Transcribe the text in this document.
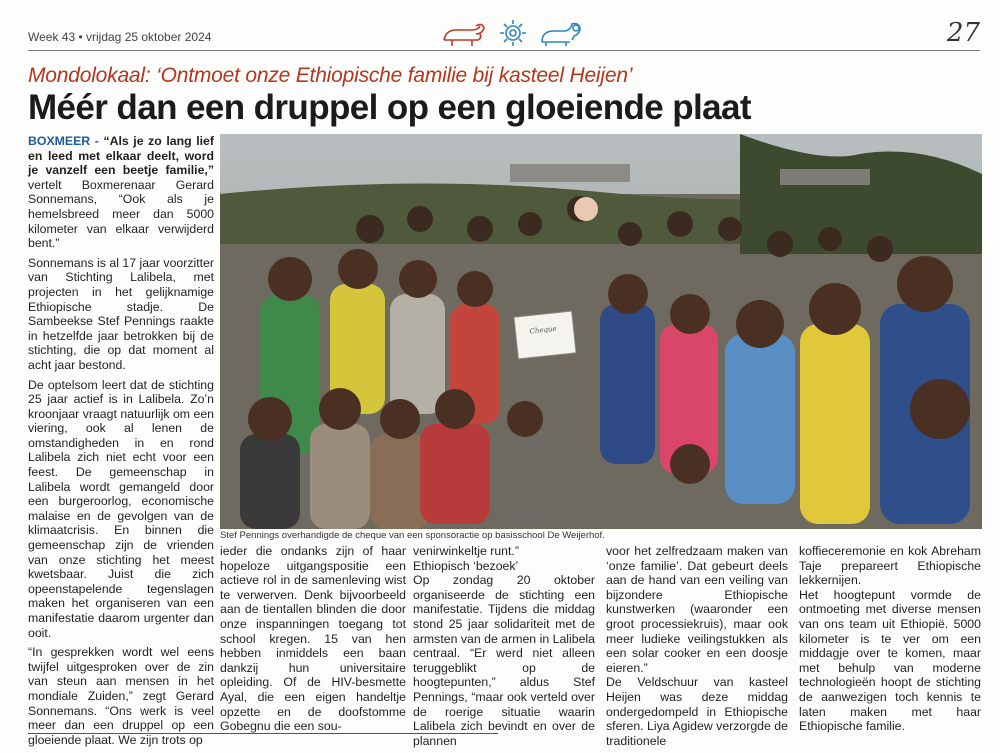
Week 43 • vrijdag 25 oktober 2024	27
Mondolokaal: ‘Ontmoet onze Ethiopische familie bij kasteel Heijen’
Méér dan een druppel op een gloeiende plaat

BOXMEER - “Als je zo lang lief en leed met elkaar deelt, word je vanzelf een beetje familie,” vertelt Boxmerenaar Gerard Sonnemans, “Ook als je hemelsbreed meer dan 5000 kilometer van elkaar verwijderd bent.”

Sonnemans is al 17 jaar voorzitter van Stichting Lalibela, met projecten in het gelijknamige Ethiopische stadje. De Sambeekse Stef Pennings raakte in hetzelfde jaar betrokken bij de stichting, die op dat moment al acht jaar bestond.

De optelsom leert dat de stichting 25 jaar actief is in Lalibela. Zo’n kroonjaar vraagt natuurlijk om een viering, ook al lenen de omstandigheden in en rond Lalibela zich niet echt voor een feest. De gemeenschap in Lalibela wordt gemangeld door een burgeroorlog, economische malaise en de gevolgen van de klimaatcrisis. En binnen die gemeenschap zijn de vrienden van onze stichting het meest kwetsbaar. Juist die zich opeenstapelende tegenslagen maken het organiseren van een manifestatie daarom urgenter dan ooit.

“In gesprekken wordt wel eens twijfel uitgesproken over de zin van steun aan mensen in het mondiale Zuiden,” zegt Gerard Sonnemans. “Ons werk is veel meer dan een druppel op een gloeiende plaat. We zijn trots op

Cheque
Stef Pennings overhandigde de cheque van een sponsoractie op basisschool De Weijerhof.

ieder die ondanks zijn of haar hopeloze uitgangspositie een actieve rol in de samenleving wist te verwerven. Denk bijvoorbeeld aan de tientallen blinden die door onze inspanningen toegang tot school kregen. 15 van hen hebben inmiddels een baan dankzij hun universitaire opleiding. Of de HIV-besmette Ayal, die een eigen handeltje opzette en de doofstomme Gobegnu die een sou-

venirwinkeltje runt.”

Ethiopisch ‘bezoek’

Op zondag 20 oktober organiseerde de stichting een manifestatie. Tijdens die middag stond 25 jaar solidariteit met de armsten van de armen in Lalibela centraal. “Er werd niet alleen teruggeblikt op de hoogtepunten,” aldus Stef Pennings, “maar ook verteld over de roerige situatie waarin Lalibela zich bevindt en over de plannen

voor het zelfredzaam maken van ‘onze familie’. Dat gebeurt deels aan de hand van een veiling van bijzondere Ethiopische kunstwerken (waaronder een groot processiekruis), maar ook meer ludieke veilingstukken als een solar cooker en een doosje eieren.”

De Veldschuur van kasteel Heijen was deze middag ondergedompeld in Ethiopische sferen. Liya Agidew verzorgde de traditionele

koffieceremonie en kok Abreham Taje prepareert Ethiopische lekkernijen.

Het hoogtepunt vormde de ontmoeting met diverse mensen van ons team uit Ethiopië. 5000 kilometer is te ver om een middagje over te komen, maar met behulp van moderne technologieën hoopt de stichting de aanwezigen toch kennis te laten maken met haar Ethiopische familie.
